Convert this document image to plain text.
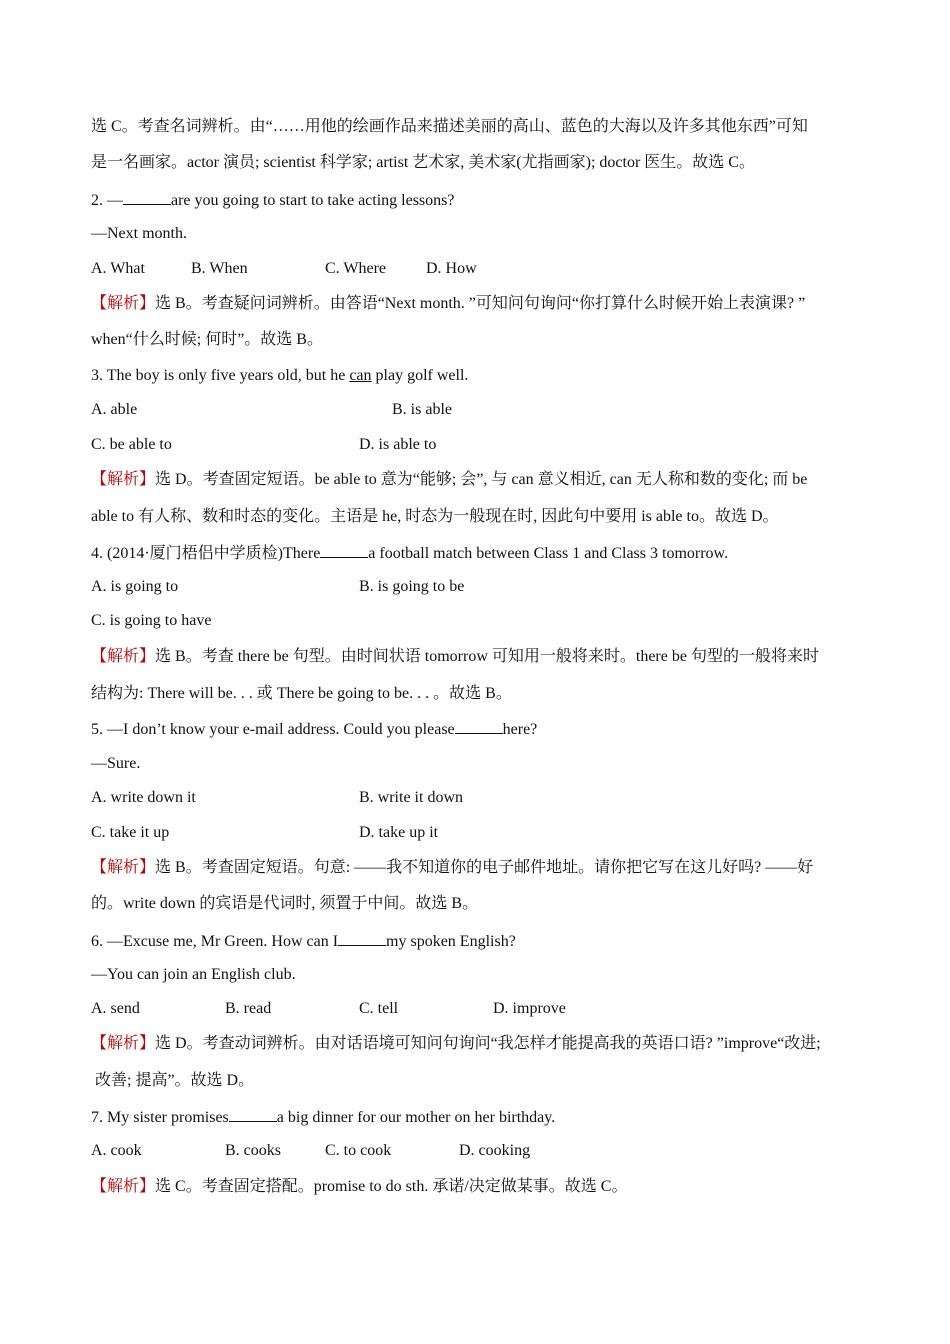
选 C。考查名词辨析。由“……用他的绘画作品来描述美丽的高山、蓝色的大海以及许多其他东西”可知
是一名画家。actor 演员; scientist 科学家; artist 艺术家, 美术家(尤指画家); doctor 医生。故选 C。
2. —	are you going to start to take acting lessons?
—Next month.
A. What	B. When	C. Where D. How
【解析】选 B。考查疑问词辨析。由答语“Next month. ”可知问句询问“你打算什么时候开始上表演课? ”
when“什么时候; 何时”。故选 B。
3. The boy is only five years old, but he can play golf well.
A. able	B. is able
C. be able to	D. is able to
【解析】选 D。考查固定短语。be able to 意为“能够; 会”, 与 can 意义相近, can 无人称和数的变化; 而 be
able to 有人称、数和时态的变化。主语是 he, 时态为一般现在时, 因此句中要用 is able to。故选 D。
4. (2014·厦门梧侣中学质检)There	a football match between Class 1 and Class 3 tomorrow.
A. is going to	B. is going to be
C. is going to have
【解析】选 B。考查 there be 句型。由时间状语 tomorrow 可知用一般将来时。there be 句型的一般将来时
结构为: There will be. . . 或 There be going to be. . . 。故选 B。
5. —I don’t know your e-mail address. Could you please	here?
—Sure.
A. write down it	B. write it down
C. take it up	D. take up it
【解析】选 B。考查固定短语。句意: ——我不知道你的电子邮件地址。请你把它写在这儿好吗? ——好
的。write down 的宾语是代词时, 须置于中间。故选 B。
6. —Excuse me, Mr Green. How can I	my spoken English?
—You can join an English club.
A. send	B. read	C. tell	D. improve
【解析】选 D。考查动词辨析。由对话语境可知问句询问“我怎样才能提高我的英语口语? ”improve“改进;
改善; 提高”。故选 D。
7. My sister promises	a big dinner for our mother on her birthday.
A. cook	B. cooks	C. to cook	D. cooking
【解析】选 C。考查固定搭配。promise to do sth. 承诺/决定做某事。故选 C。
